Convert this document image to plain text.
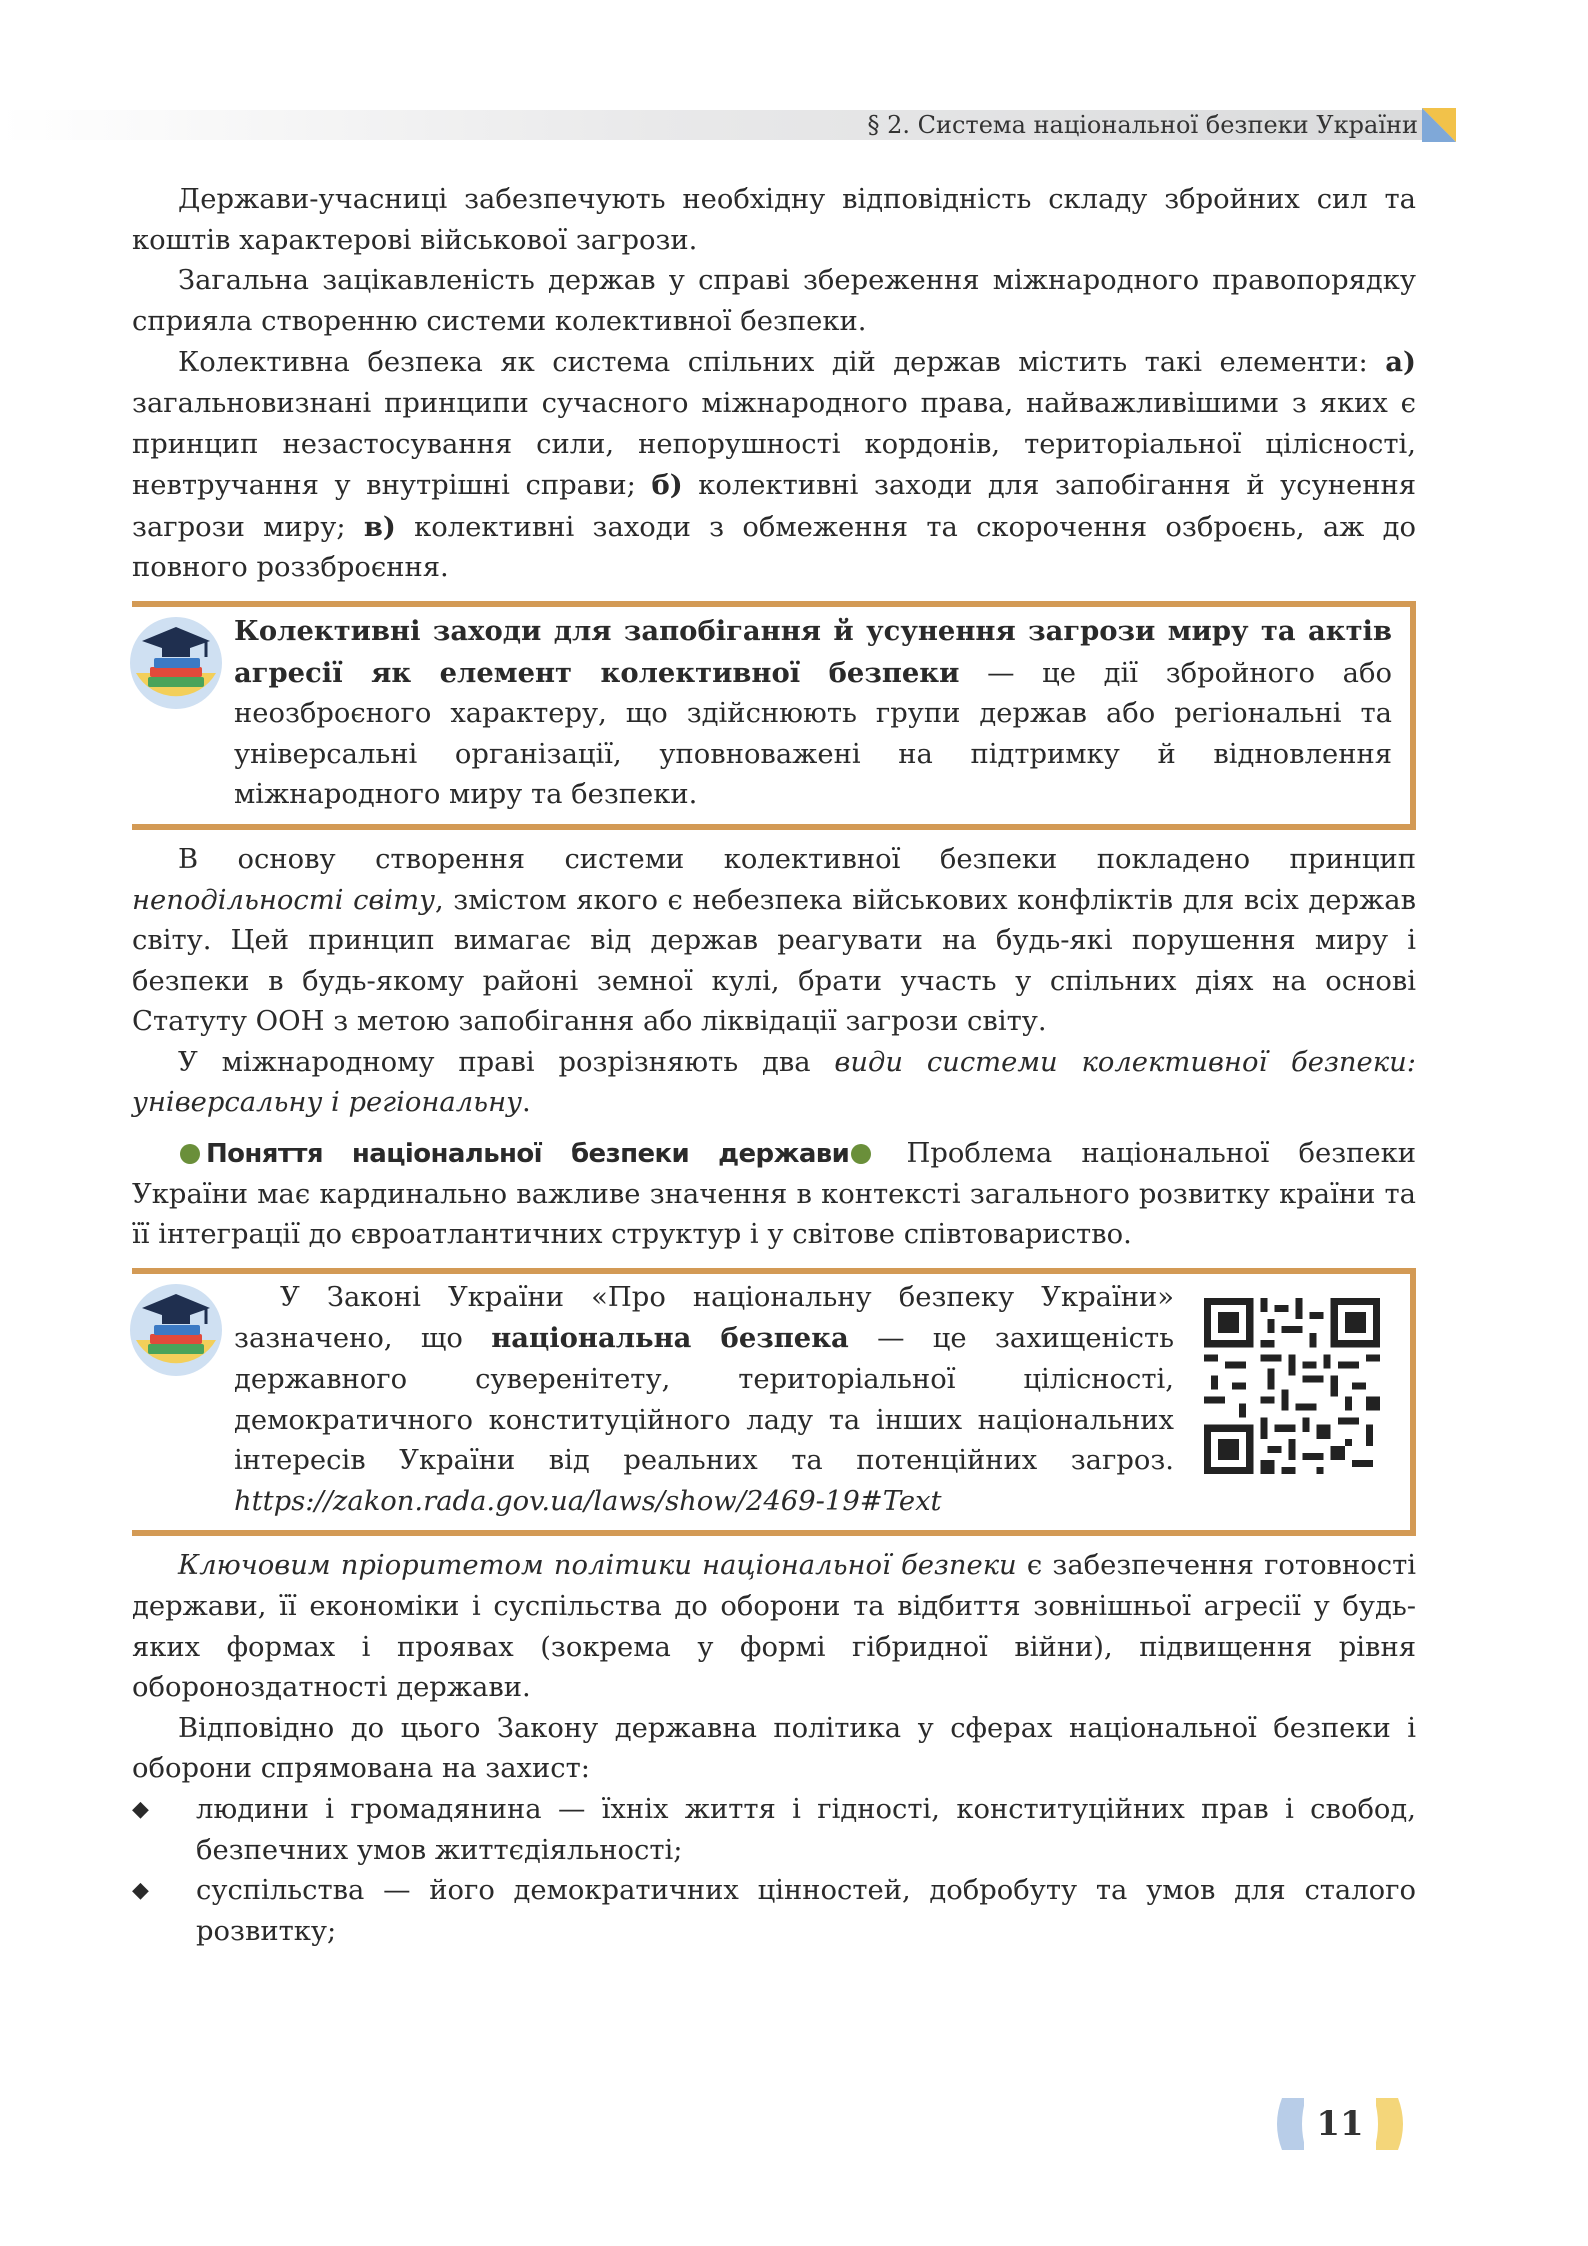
§ 2. Система національної безпеки України

Держави-учасниці забезпечують необхідну відповідність складу збройних сил та коштів характерові військової загрози.

Загальна зацікавленість держав у справі збереження міжнародного правопорядку сприяла створенню системи колективної безпеки.

Колективна безпека як система спільних дій держав містить такі елементи: а) загальновизнані принципи сучасного міжнародного права, найважливішими з яких є принцип незастосування сили, непорушності кордонів, територіальної цілісності, невтручання у внутрішні справи; б) колективні заходи для запобігання й усунення загрози миру; в) колективні заходи з обмеження та скорочення озброєнь, аж до повного роззброєння.

Колективні заходи для запобігання й усунення загрози миру та актів агресії як елемент колективної безпеки — це дії збройного або неозброєного характеру, що здійснюють групи держав або регіональні та універсальні організації, уповноважені на підтримку й відновлення міжнародного миру та безпеки.

В основу створення системи колективної безпеки покладено принцип неподільності світу, змістом якого є небезпека військових конфліктів для всіх держав світу. Цей принцип вимагає від держав реагувати на будь-які порушення миру і безпеки в будь-якому районі земної кулі, брати участь у спільних діях на основі Статуту ООН з метою запобігання або ліквідації загрози світу.

У міжнародному праві розрізняють два види системи колективної безпеки: універсальну і регіональну.

Поняття національної безпеки держави Проблема національної безпеки України має кардинально важливе значення в контексті загального розвитку країни та її інтеграції до євроатлантичних структур і у світове співтовариство.

У Законі України «Про національну безпеку України» зазначено, що національна безпека — це захищеність державного суверенітету, територіальної цілісності, демократичного конституційного ладу та інших національних інтересів України від реальних та потенційних загроз. https://zakon.rada.gov.ua/laws/show/2469-19#Text

Ключовим пріоритетом політики національної безпеки є забезпечення готовності держави, її економіки і суспільства до оборони та відбиття зовнішньої агресії у будь-яких формах і проявах (зокрема у формі гібридної війни), підвищення рівня обороноздатності держави.

Відповідно до цього Закону державна політика у сферах національної безпеки і оборони спрямована на захист:

◆ людини і громадянина — їхніх життя і гідності, конституційних прав і свобод, безпечних умов життєдіяльності;
◆ суспільства — його демократичних цінностей, добробуту та умов для сталого розвитку;
11
